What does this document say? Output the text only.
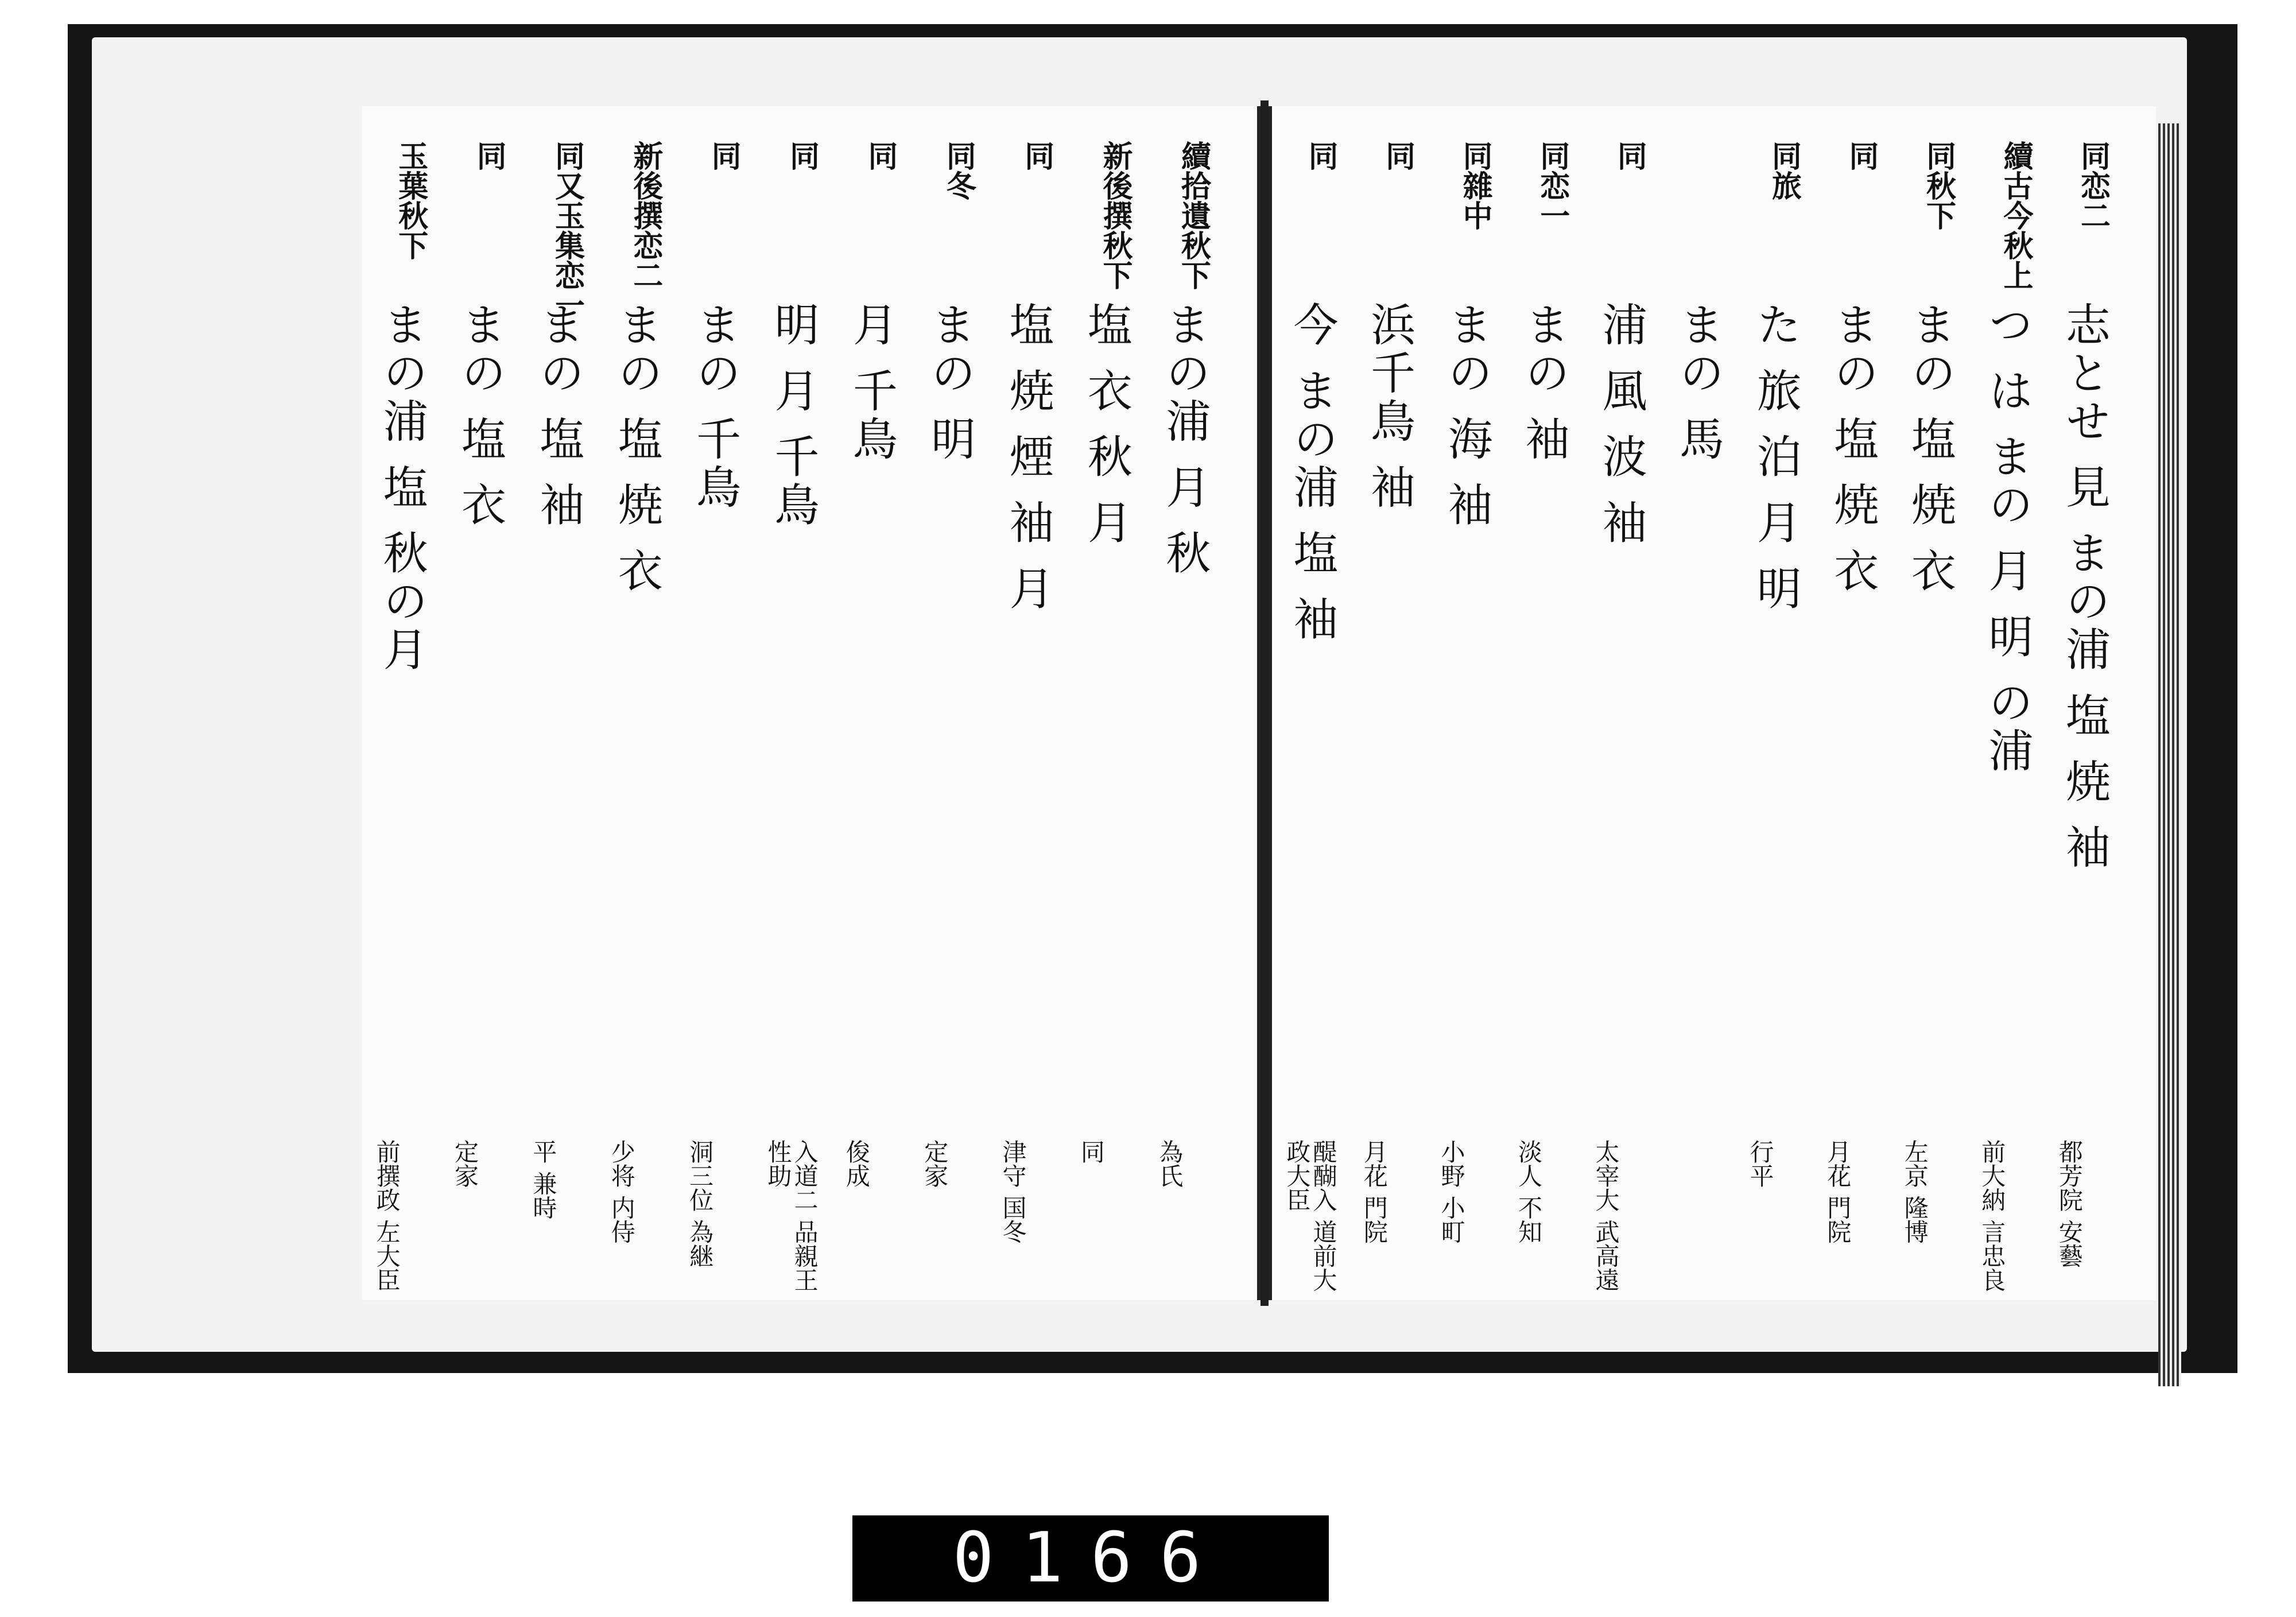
續拾遺秋下
まの浦 月 秋
為氏
新後撰秋下
塩 衣 秋 月
同
同
塩 焼 煙 袖 月
津守 国冬
同冬
まの 明
定家
同
月 千鳥
俊成
同
明 月 千鳥
入道二 品親王 性助
同
まの 千鳥
洞三位 為継
新後撰恋二
まの 塩 焼 衣
少将 内侍
同又玉集恋一
まの 塩 袖
平 兼時
同
まの 塩 衣
定家
玉葉秋下
まの浦 塩 秋の月
前撰政 左大臣
同恋二
志とせ 見 まの浦 塩 焼 袖
都芳院 安藝
續古今秋上
つ は まの 月 明 の浦
前大納 言忠良
同秋下
まの 塩 焼 衣
左京 隆博
同
まの 塩 焼 衣
月花 門院
同旅
た 旅 泊 月 明
行平
まの 馬
同
浦 風 波 袖
太宰大 武高遠
同恋一
まの 袖
淡人 不知
同雜中
まの 海 袖
小野 小町
同
浜千鳥 袖
月花 門院
同
今 まの浦 塩 袖
醍醐入 道前大 政大臣
0166
